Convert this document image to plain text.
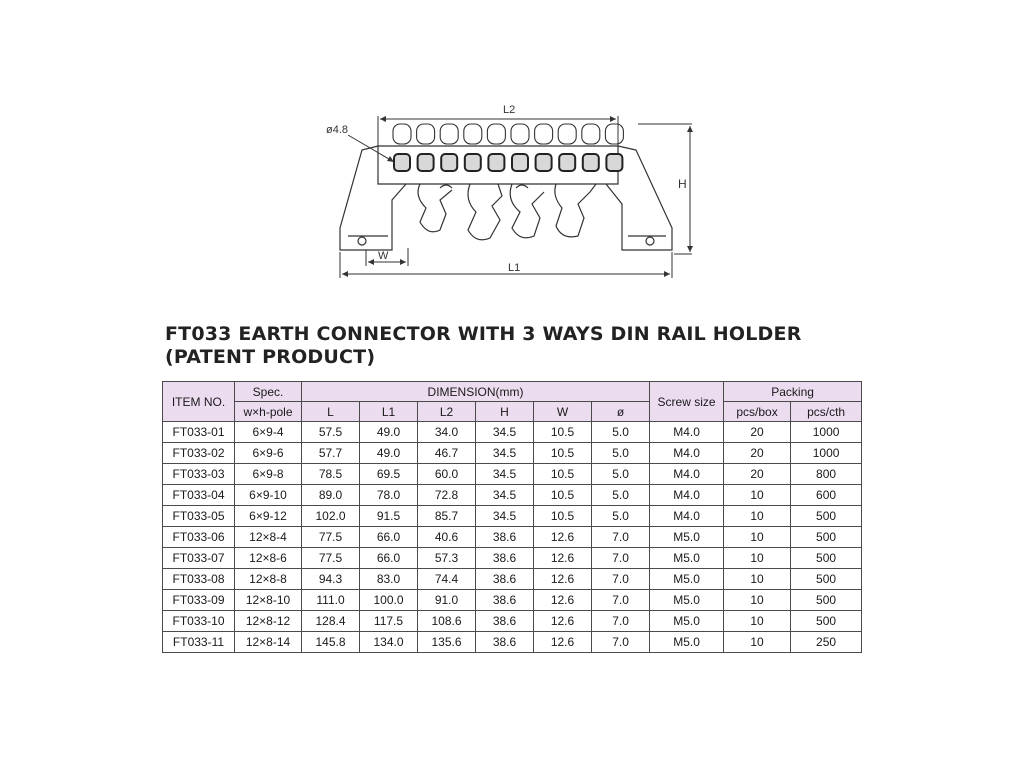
L2
L1
H
W
ø4.8
FT033 EARTH CONNECTOR WITH 3 WAYS DIN RAIL HOLDER
(PATENT PRODUCT)
ITEM NO.	Spec.	DIMENSION(mm)						Screw size	Packing	
	w×h-pole	L	L1	L2	H	W	ø		pcs/box	pcs/cth
FT033-01	6×9-4	57.5	49.0	34.0	34.5	10.5	5.0	M4.0	20	1000
FT033-02	6×9-6	57.7	49.0	46.7	34.5	10.5	5.0	M4.0	20	1000
FT033-03	6×9-8	78.5	69.5	60.0	34.5	10.5	5.0	M4.0	20	800
FT033-04	6×9-10	89.0	78.0	72.8	34.5	10.5	5.0	M4.0	10	600
FT033-05	6×9-12	102.0	91.5	85.7	34.5	10.5	5.0	M4.0	10	500
FT033-06	12×8-4	77.5	66.0	40.6	38.6	12.6	7.0	M5.0	10	500
FT033-07	12×8-6	77.5	66.0	57.3	38.6	12.6	7.0	M5.0	10	500
FT033-08	12×8-8	94.3	83.0	74.4	38.6	12.6	7.0	M5.0	10	500
FT033-09	12×8-10	111.0	100.0	91.0	38.6	12.6	7.0	M5.0	10	500
FT033-10	12×8-12	128.4	117.5	108.6	38.6	12.6	7.0	M5.0	10	500
FT033-11	12×8-14	145.8	134.0	135.6	38.6	12.6	7.0	M5.0	10	250
